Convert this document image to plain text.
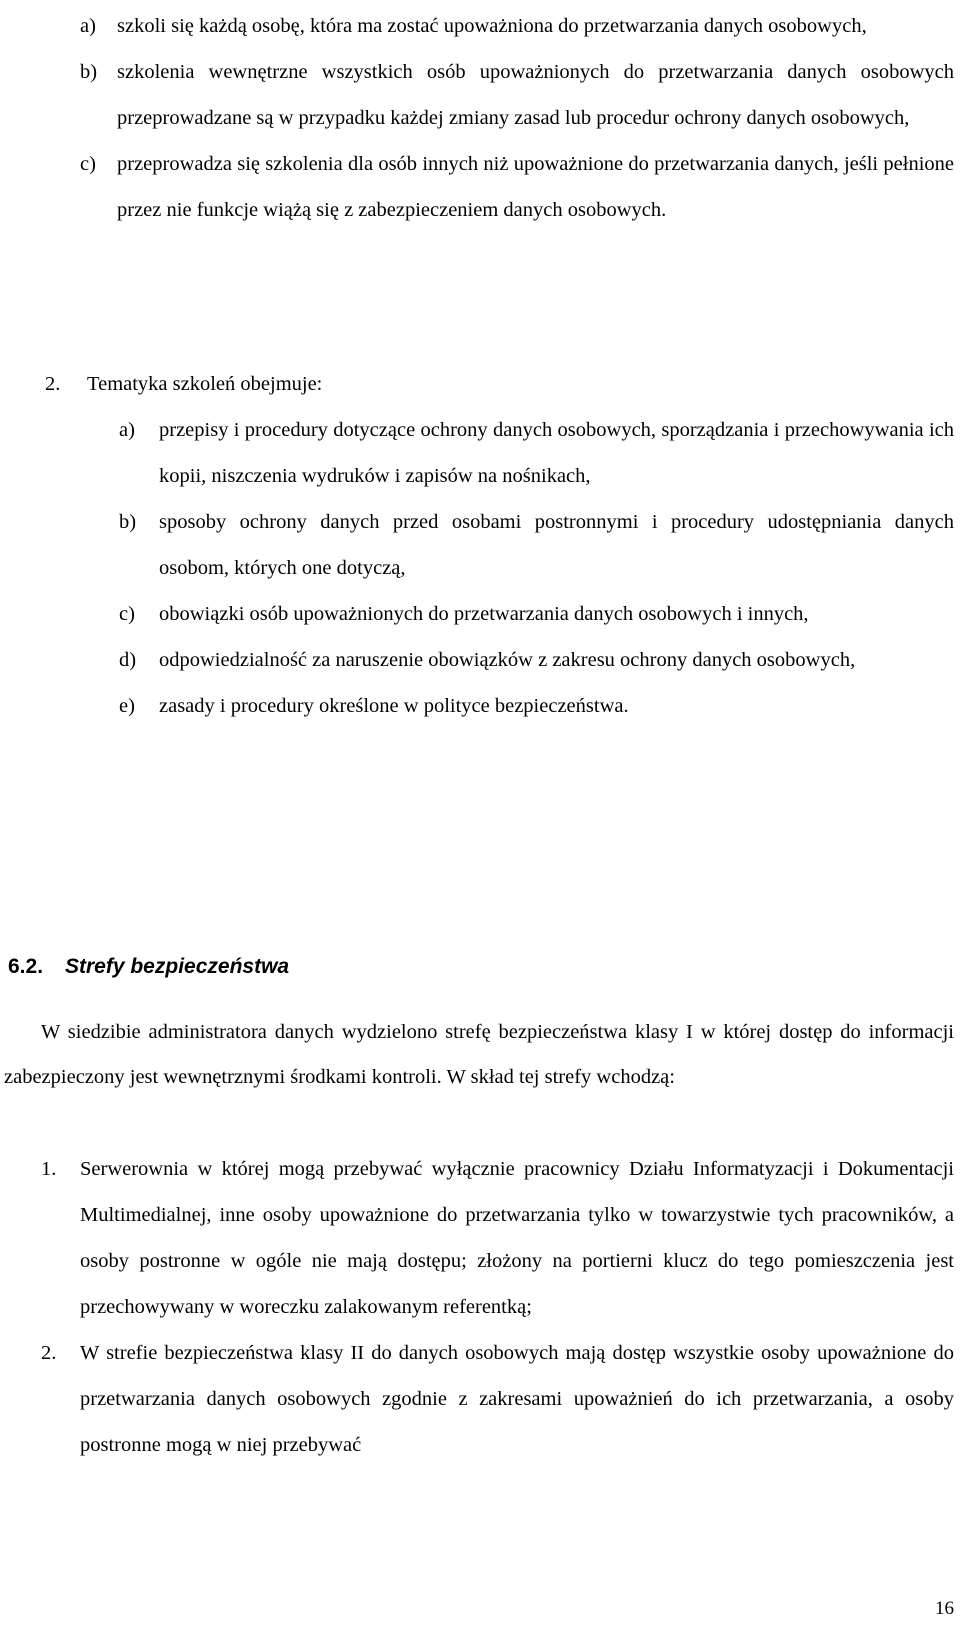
a) szkoli się każdą osobę, która ma zostać upoważniona do przetwarzania danych osobowych,
b) szkolenia wewnętrzne wszystkich osób upoważnionych do przetwarzania danych osobowych przeprowadzane są w przypadku każdej zmiany zasad lub procedur ochrony danych osobowych,
c) przeprowadza się szkolenia dla osób innych niż upoważnione do przetwarzania danych, jeśli pełnione przez nie funkcje wiążą się z zabezpieczeniem danych osobowych.
2. Tematyka szkoleń obejmuje:
a) przepisy i procedury dotyczące ochrony danych osobowych, sporządzania i przechowywania ich kopii, niszczenia wydruków i zapisów na nośnikach,
b) sposoby ochrony danych przed osobami postronnymi i procedury udostępniania danych osobom, których one dotyczą,
c) obowiązki osób upoważnionych do przetwarzania danych osobowych i innych,
d) odpowiedzialność za naruszenie obowiązków z zakresu ochrony danych osobowych,
e) zasady i procedury określone w polityce bezpieczeństwa.
6.2. Strefy bezpieczeństwa
W siedzibie administratora danych wydzielono strefę bezpieczeństwa klasy I w której dostęp do informacji zabezpieczony jest wewnętrznymi środkami kontroli. W skład tej strefy wchodzą:
1. Serwerownia w której mogą przebywać wyłącznie pracownicy Działu Informatyzacji i Dokumentacji Multimedialnej, inne osoby upoważnione do przetwarzania tylko w towarzystwie tych pracowników, a osoby postronne w ogóle nie mają dostępu; złożony na portierni klucz do tego pomieszczenia jest przechowywany w woreczku zalakowanym referentką;
2. W strefie bezpieczeństwa klasy II do danych osobowych mają dostęp wszystkie osoby upoważnione do przetwarzania danych osobowych zgodnie z zakresami upoważnień do ich przetwarzania, a osoby postronne mogą w niej przebywać
16
